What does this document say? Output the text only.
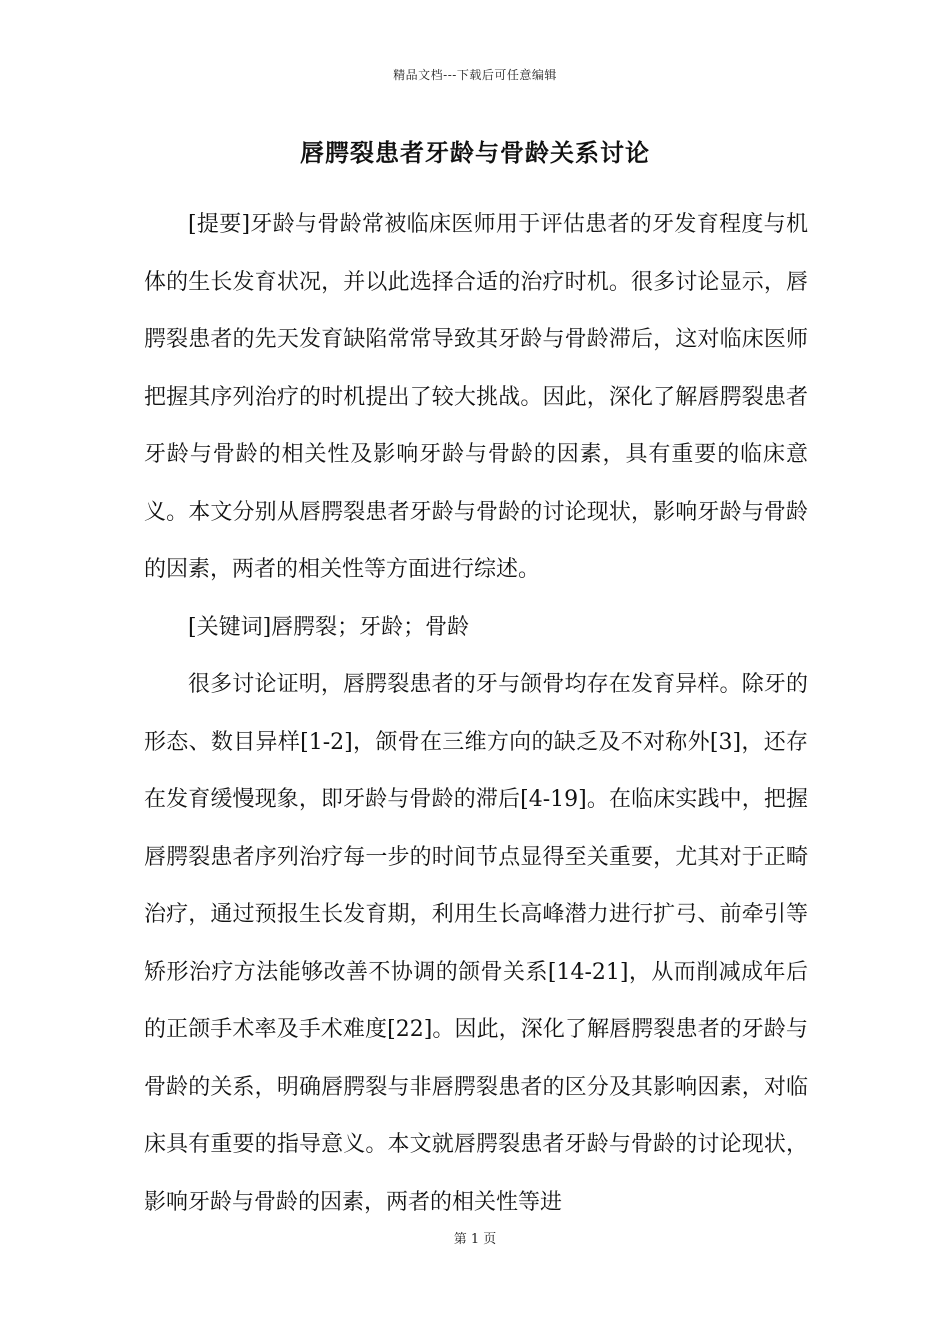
精品文档---下载后可任意编辑
唇腭裂患者牙龄与骨龄关系讨论

[提要]牙龄与骨龄常被临床医师用于评估患者的牙发育程度与机体的生长发育状况，并以此选择合适的治疗时机。很多讨论显示，唇腭裂患者的先天发育缺陷常常导致其牙龄与骨龄滞后，这对临床医师把握其序列治疗的时机提出了较大挑战。因此，深化了解唇腭裂患者牙龄与骨龄的相关性及影响牙龄与骨龄的因素，具有重要的临床意义。本文分别从唇腭裂患者牙龄与骨龄的讨论现状，影响牙龄与骨龄的因素，两者的相关性等方面进行综述。

[关键词]唇腭裂；牙龄；骨龄

很多讨论证明，唇腭裂患者的牙与颌骨均存在发育异样。除牙的形态、数目异样[1-2]，颌骨在三维方向的缺乏及不对称外[3]，还存在发育缓慢现象，即牙龄与骨龄的滞后[4-19]。在临床实践中，把握唇腭裂患者序列治疗每一步的时间节点显得至关重要，尤其对于正畸治疗，通过预报生长发育期，利用生长高峰潜力进行扩弓、前牵引等矫形治疗方法能够改善不协调的颌骨关系[14-21]，从而削减成年后的正颌手术率及手术难度[22]。因此，深化了解唇腭裂患者的牙龄与骨龄的关系，明确唇腭裂与非唇腭裂患者的区分及其影响因素，对临床具有重要的指导意义。本文就唇腭裂患者牙龄与骨龄的讨论现状，影响牙龄与骨龄的因素，两者的相关性等进

第 1 页
